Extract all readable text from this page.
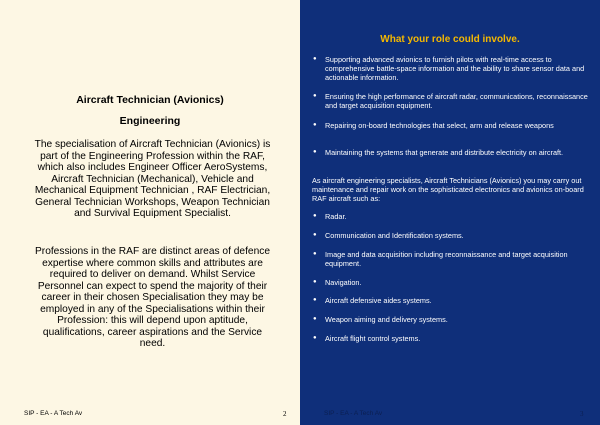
Aircraft Technician (Avionics)
Engineering
The specialisation of Aircraft Technician (Avionics) is part of the Engineering Profession within the RAF, which also includes Engineer Officer AeroSystems, Aircraft Technician (Mechanical), Vehicle and Mechanical Equipment Technician , RAF Electrician, General Technician Workshops, Weapon Technician and Survival Equipment Specialist.
Professions in the RAF are distinct areas of defence expertise where common skills and attributes are required to deliver on demand. Whilst Service Personnel can expect to spend the majority of their career in their chosen Specialisation they may be employed in any of the Specialisations within their Profession: this will depend upon aptitude, qualifications, career aspirations and the Service need.
SIP - EA - A Tech Av	2
What your role could involve.
● Supporting advanced avionics to furnish pilots with real-time access to comprehensive battle-space information and the ability to share sensor data and actionable information.
● Ensuring the high performance of aircraft radar, communications, reconnaissance and target acquisition equipment.
● Repairing on-board technologies that select, arm and release weapons
● Maintaining the systems that generate and distribute electricity on aircraft.
As aircraft engineering specialists, Aircraft Technicians (Avionics) you may carry out maintenance and repair work on the sophisticated electronics and avionics on-board RAF aircraft such as:
● Radar.
● Communication and Identification systems.
● Image and data acquisition including reconnaissance and target acquisition equipment.
● Navigation.
● Aircraft defensive aides systems.
● Weapon aiming and delivery systems.
● Aircraft flight control systems.
SIP - EA - A Tech Av	3
